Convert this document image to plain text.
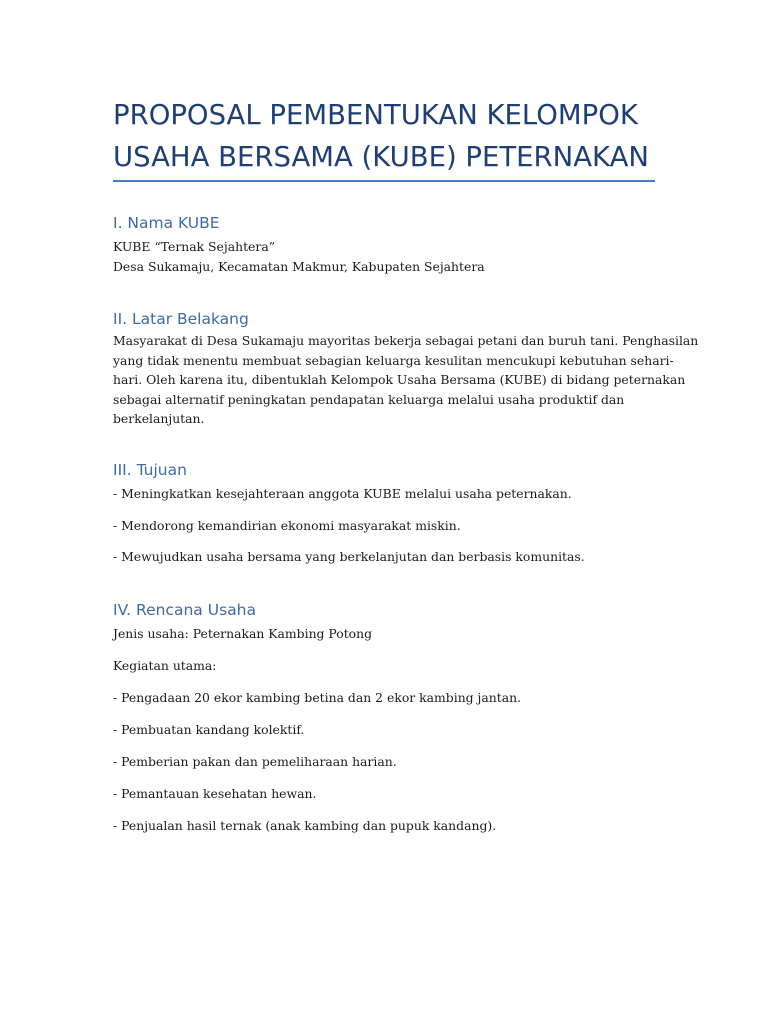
PROPOSAL PEMBENTUKAN KELOMPOK
USAHA BERSAMA (KUBE) PETERNAKAN
I. Nama KUBE
KUBE “Ternak Sejahtera”
Desa Sukamaju, Kecamatan Makmur, Kabupaten Sejahtera
II. Latar Belakang
Masyarakat di Desa Sukamaju mayoritas bekerja sebagai petani dan buruh tani. Penghasilan
yang tidak menentu membuat sebagian keluarga kesulitan mencukupi kebutuhan sehari-
hari. Oleh karena itu, dibentuklah Kelompok Usaha Bersama (KUBE) di bidang peternakan
sebagai alternatif peningkatan pendapatan keluarga melalui usaha produktif dan
berkelanjutan.
III. Tujuan
- Meningkatkan kesejahteraan anggota KUBE melalui usaha peternakan.
- Mendorong kemandirian ekonomi masyarakat miskin.
- Mewujudkan usaha bersama yang berkelanjutan dan berbasis komunitas.
IV. Rencana Usaha
Jenis usaha: Peternakan Kambing Potong
Kegiatan utama:
- Pengadaan 20 ekor kambing betina dan 2 ekor kambing jantan.
- Pembuatan kandang kolektif.
- Pemberian pakan dan pemeliharaan harian.
- Pemantauan kesehatan hewan.
- Penjualan hasil ternak (anak kambing dan pupuk kandang).
